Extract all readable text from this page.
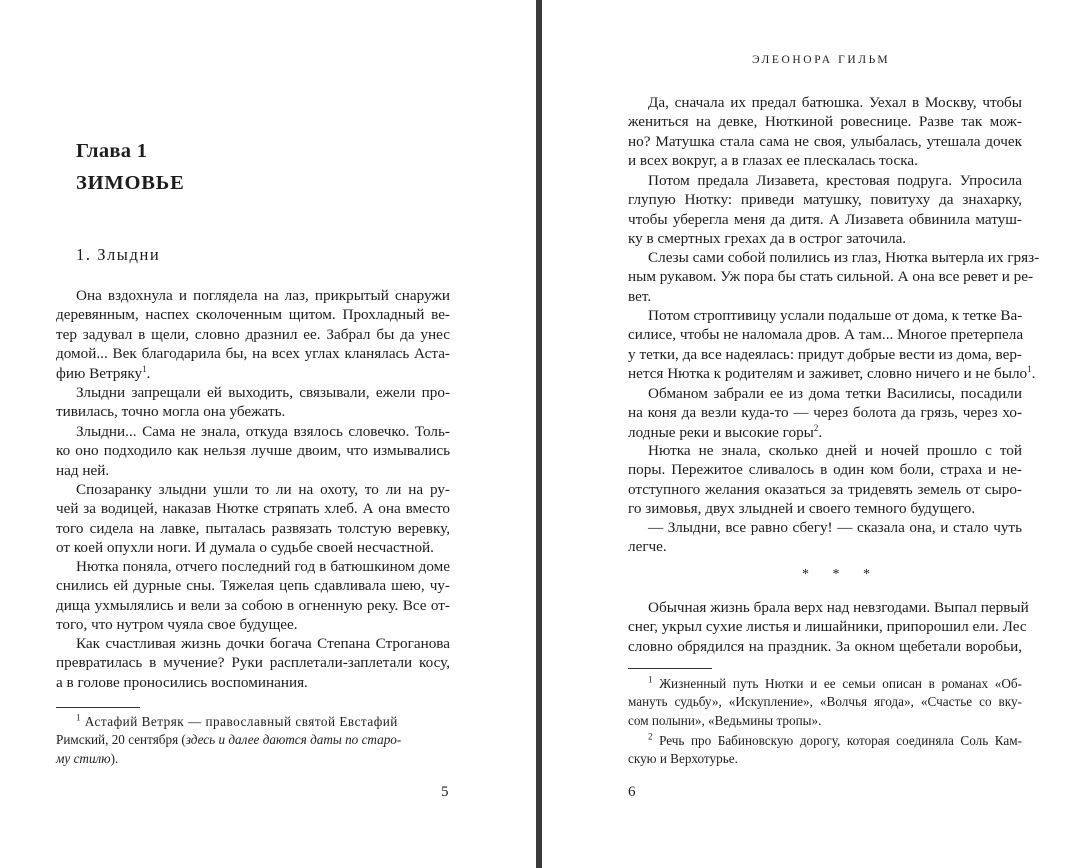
Глава 1
ЗИМОВЬЕ
1. Злыдни
Она вздохнула и поглядела на лаз, прикрытый снаружи
деревянным, наспех сколоченным щитом. Прохладный ве-
тер задувал в щели, словно дразнил ее. Забрал бы да унес
домой... Век благодарила бы, на всех углах кланялась Аста-
фию Ветряку$^1$.
Злыдни запрещали ей выходить, связывали, ежели про-
тивилась, точно могла она убежать.
Злыдни... Сама не знала, откуда взялось словечко. Толь-
ко оно подходило как нельзя лучше двоим, что измывались
над ней.
Спозаранку злыдни ушли то ли на охоту, то ли на ру-
чей за водицей, наказав Нютке стряпать хлеб. А она вместо
того сидела на лавке, пыталась развязать толстую веревку,
от коей опухли ноги. И думала о судьбе своей несчастной.
Нютка поняла, отчего последний год в батюшкином доме
снились ей дурные сны. Тяжелая цепь сдавливала шею, чу-
дища ухмылялись и вели за собою в огненную реку. Все от-
того, что нутром чуяла свое будущее.
Как счастливая жизнь дочки богача Степана Строганова
превратилась в мучение? Руки расплетали-заплетали косу,
а в голове проносились воспоминания.
$^1$ Астафий Ветряк — православный святой Евстафий
Римский, 20 сентября (здесь и далее даются даты по старо-
му стилю).
5
ЭЛЕОНОРА ГИЛЬМ
Да, сначала их предал батюшка. Уехал в Москву, чтобы
жениться на девке, Нюткиной ровеснице. Разве так мож-
но? Матушка стала сама не своя, улыбалась, утешала дочек
и всех вокруг, а в глазах ее плескалась тоска.
Потом предала Лизавета, крестовая подруга. Упросила
глупую Нютку: приведи матушку, повитуху да знахарку,
чтобы уберегла меня да дитя. А Лизавета обвинила матуш-
ку в смертных грехах да в острог заточила.
Слезы сами собой полились из глаз, Нютка вытерла их гряз-
ным рукавом. Уж пора бы стать сильной. А она все ревет и ре-
вет.
Потом строптивицу услали подальше от дома, к тетке Ва-
силисе, чтобы не наломала дров. А там... Многое претерпела
у тетки, да все надеялась: придут добрые вести из дома, вер-
нется Нютка к родителям и заживет, словно ничего и не было$^1$.
Обманом забрали ее из дома тетки Василисы, посадили
на коня да везли куда-то — через болота да грязь, через хо-
лодные реки и высокие горы$^2$.
Нютка не знала, сколько дней и ночей прошло с той
поры. Пережитое сливалось в один ком боли, страха и не-
отступного желания оказаться за тридевять земель от сыро-
го зимовья, двух злыдней и своего темного будущего.
— Злыдни, все равно сбегу! — сказала она, и стало чуть
легче.
* * *
Обычная жизнь брала верх над невзгодами. Выпал первый
снег, укрыл сухие листья и лишайники, припорошил ели. Лес
словно обрядился на праздник. За окном щебетали воробьи,
$^1$ Жизненный путь Нютки и ее семьи описан в романах «Об-
мануть судьбу», «Искупление», «Волчья ягода», «Счастье со вку-
сом полыни», «Ведьмины тропы».
$^2$ Речь про Бабиновскую дорогу, которая соединяла Соль Кам-
скую и Верхотурье.
6
